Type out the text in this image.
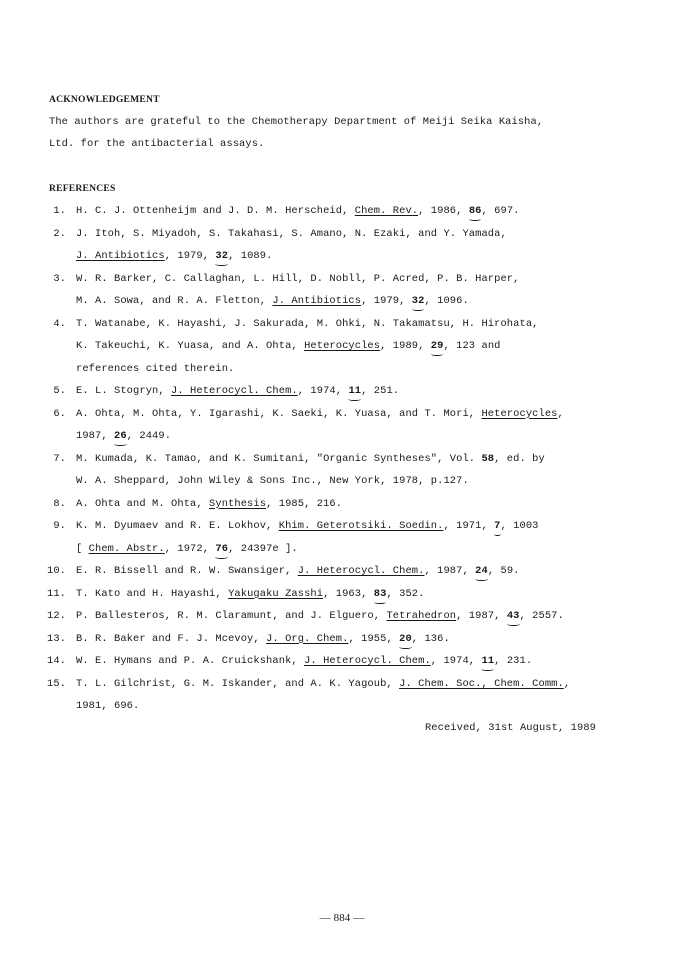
ACKNOWLEDGEMENT
The authors are grateful to the Chemotherapy Department of Meiji Seika Kaisha,
Ltd. for the antibacterial assays.
REFERENCES
1. H. C. J. Ottenheijm and J. D. M. Herscheid, Chem. Rev., 1986, 86, 697.
2. J. Itoh, S. Miyadoh, S. Takahasi, S. Amano, N. Ezaki, and Y. Yamada,
J. Antibiotics, 1979, 32, 1089.
3. W. R. Barker, C. Callaghan, L. Hill, D. Nobll, P. Acred, P. B. Harper,
M. A. Sowa, and R. A. Fletton, J. Antibiotics, 1979, 32, 1096.
4. T. Watanabe, K. Hayashi, J. Sakurada, M. Ohki, N. Takamatsu, H. Hirohata,
K. Takeuchi, K. Yuasa, and A. Ohta, Heterocycles, 1989, 29, 123 and
references cited therein.
5. E. L. Stogryn, J. Heterocycl. Chem., 1974, 11, 251.
6. A. Ohta, M. Ohta, Y. Igarashi, K. Saeki, K. Yuasa, and T. Mori, Heterocycles,
1987, 26, 2449.
7. M. Kumada, K. Tamao, and K. Sumitani, "Organic Syntheses", Vol. 58, ed. by
W. A. Sheppard, John Wiley & Sons Inc., New York, 1978, p.127.
8. A. Ohta and M. Ohta, Synthesis, 1985, 216.
9. K. M. Dyumaev and R. E. Lokhov, Khim. Geterotsiki. Soedin., 1971, 7, 1003
[ Chem. Abstr., 1972, 76, 24397e ].
10. E. R. Bissell and R. W. Swansiger, J. Heterocycl. Chem., 1987, 24, 59.
11. T. Kato and H. Hayashi, Yakugaku Zasshi, 1963, 83, 352.
12. P. Ballesteros, R. M. Claramunt, and J. Elguero, Tetrahedron, 1987, 43, 2557.
13. B. R. Baker and F. J. Mcevoy, J. Org. Chem., 1955, 20, 136.
14. W. E. Hymans and P. A. Cruickshank, J. Heterocycl. Chem., 1974, 11, 231.
15. T. L. Gilchrist, G. M. Iskander, and A. K. Yagoub, J. Chem. Soc., Chem. Comm.,
1981, 696.
Received, 31st August, 1989
— 884 —
